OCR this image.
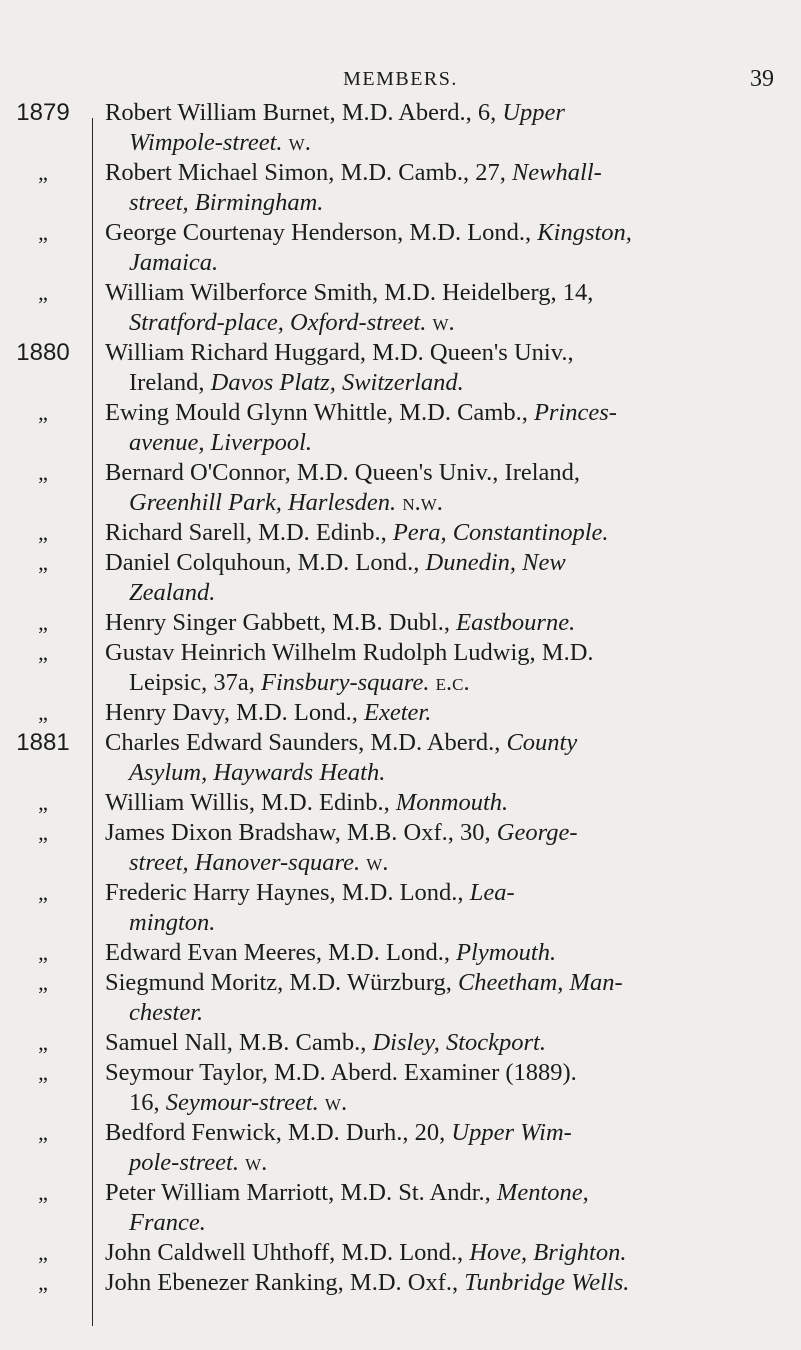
MEMBERS.	39
1879	Robert William Burnet, M.D. Aberd., 6, Upper
Wimpole-street. w.
„	Robert Michael Simon, M.D. Camb., 27, Newhall-
street, Birmingham.
„	George Courtenay Henderson, M.D. Lond., Kingston,
Jamaica.
„	William Wilberforce Smith, M.D. Heidelberg, 14,
Stratford-place, Oxford-street. w.
1880	William Richard Huggard, M.D. Queen's Univ.,
Ireland, Davos Platz, Switzerland.
„	Ewing Mould Glynn Whittle, M.D. Camb., Princes-
avenue, Liverpool.
„	Bernard O'Connor, M.D. Queen's Univ., Ireland,
Greenhill Park, Harlesden. n.w.
„	Richard Sarell, M.D. Edinb., Pera, Constantinople.
„	Daniel Colquhoun, M.D. Lond., Dunedin, New
Zealand.
„	Henry Singer Gabbett, M.B. Dubl., Eastbourne.
„	Gustav Heinrich Wilhelm Rudolph Ludwig, M.D.
Leipsic, 37a, Finsbury-square. e.c.
„	Henry Davy, M.D. Lond., Exeter.
1881	Charles Edward Saunders, M.D. Aberd., County
Asylum, Haywards Heath.
„	William Willis, M.D. Edinb., Monmouth.
„	James Dixon Bradshaw, M.B. Oxf., 30, George-
street, Hanover-square. w.
„	Frederic Harry Haynes, M.D. Lond., Lea-
mington.
„	Edward Evan Meeres, M.D. Lond., Plymouth.
„	Siegmund Moritz, M.D. Würzburg, Cheetham, Man-
chester.
„	Samuel Nall, M.B. Camb., Disley, Stockport.
„	Seymour Taylor, M.D. Aberd. Examiner (1889).
16, Seymour-street. w.
„	Bedford Fenwick, M.D. Durh., 20, Upper Wim-
pole-street. w.
„	Peter William Marriott, M.D. St. Andr., Mentone,
France.
„	John Caldwell Uhthoff, M.D. Lond., Hove, Brighton.
„	John Ebenezer Ranking, M.D. Oxf., Tunbridge Wells.
